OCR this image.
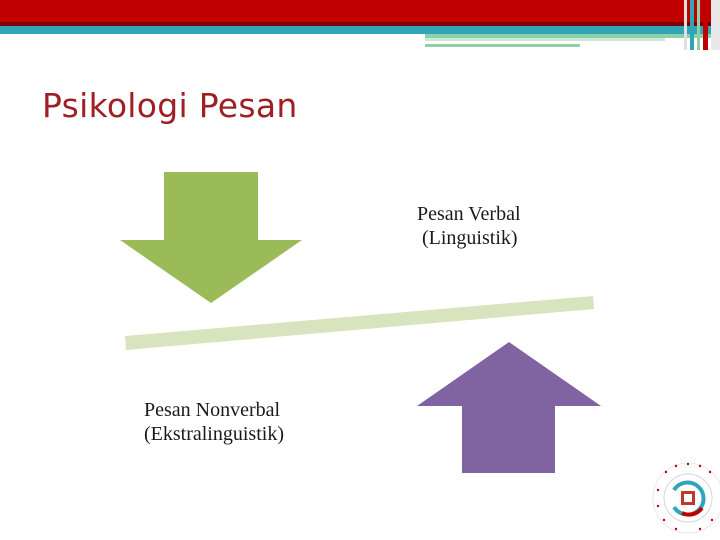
Psikologi Pesan
Pesan Verbal
(Linguistik)
Pesan Nonverbal
(Ekstralinguistik)
